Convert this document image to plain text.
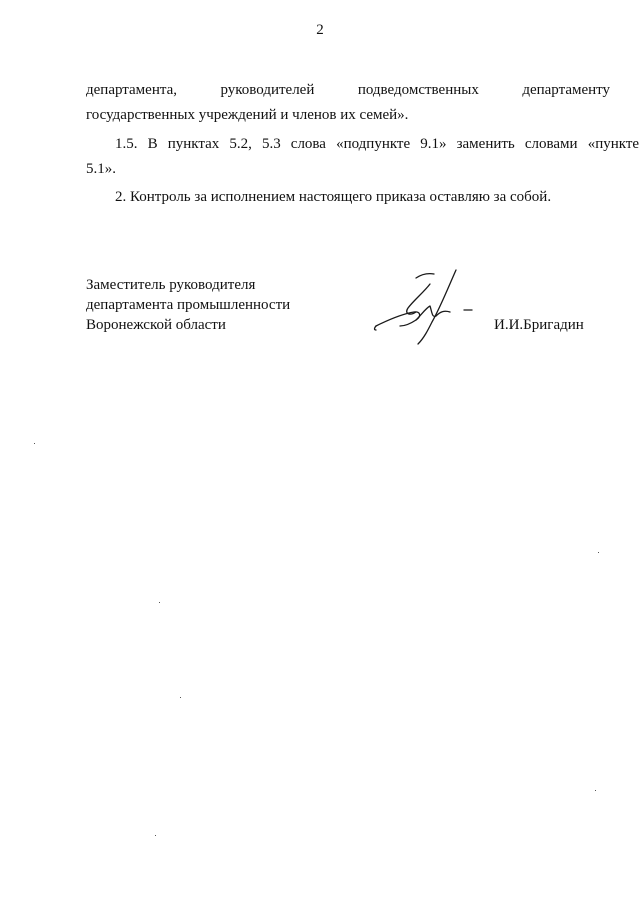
2
департамента,	руководителей	подведомственных	департаменту
государственных учреждений и членов их семей».
1.5. В пунктах 5.2, 5.3 слова «подпункте 9.1» заменить словами «пункте
5.1».
2. Контроль за исполнением настоящего приказа оставляю за собой.
Заместитель руководителя
департамента промышленности
Воронежской области	И.И.Бригадин
